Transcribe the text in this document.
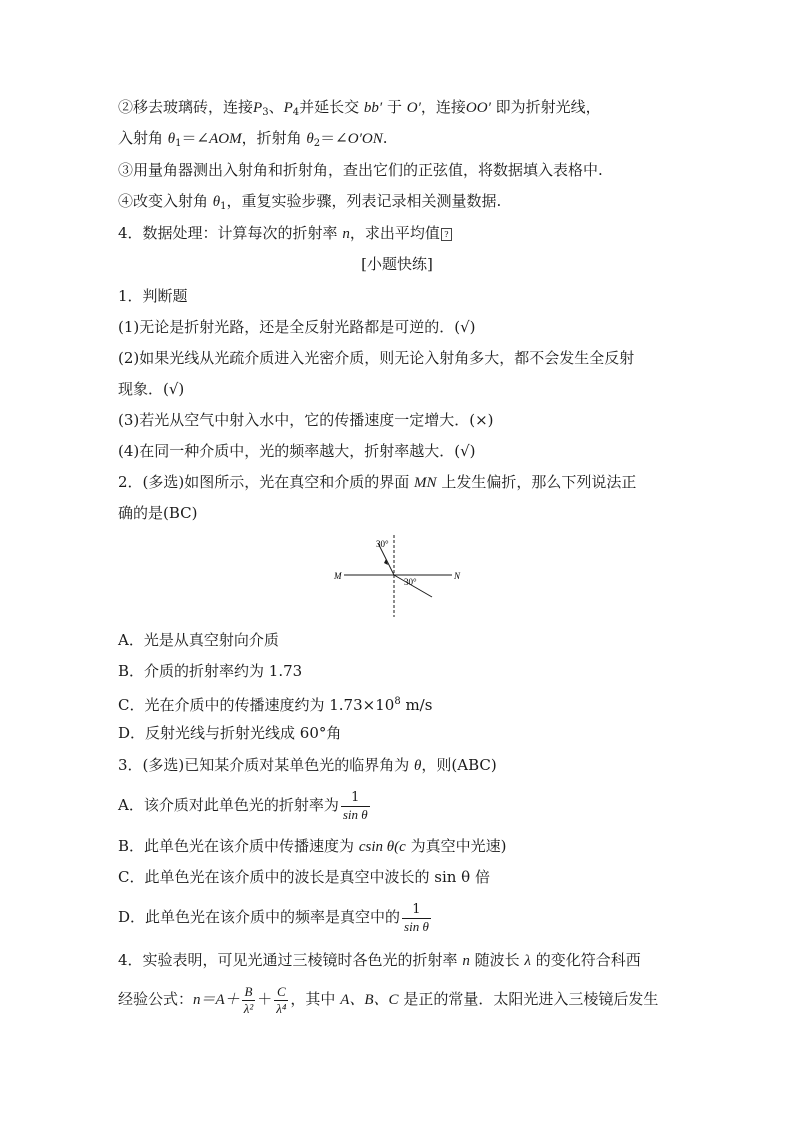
②移去玻璃砖，连接$P_3$、$P_4$并延长交 bb′ 于 O′，连接OO′ 即为折射光线，
入射角 $\theta_1=\angle AOM$，折射角 $\theta_2=\angle O'ON$.
③用量角器测出入射角和折射角，查出它们的正弦值，将数据填入表格中.
④改变入射角 $\theta_1$，重复实验步骤，列表记录相关测量数据.
4．数据处理：计算每次的折射率 n，求出平均值 ?
[小题快练]
1．判断题
(1)无论是折射光路，还是全反射光路都是可逆的．(√)
(2)如果光线从光疏介质进入光密介质，则无论入射角多大，都不会发生全反射
现象．(√)
(3)若光从空气中射入水中，它的传播速度一定增大．(×)
(4)在同一种介质中，光的频率越大，折射率越大．(√)
2．(多选)如图所示，光在真空和介质的界面 MN 上发生偏折，那么下列说法正
确的是(BC)
M	N
30°
30°
A．光是从真空射向介质
B．介质的折射率约为 1.73
C．光在介质中的传播速度约为 $1.73\times 10^8$ m/s
D．反射光线与折射光线成 60°角
3．(多选)已知某介质对某单色光的临界角为 θ，则(ABC)
A．该介质对此单色光的折射率为 $\frac{1}{\text{sin θ}}$
B．此单色光在该介质中传播速度为 csin θ(c 为真空中光速)
C．此单色光在该介质中的波长是真空中波长的 sin θ 倍
D．此单色光在该介质中的频率是真空中的 $\frac{1}{\text{sin θ}}$
4．实验表明，可见光通过三棱镜时各色光的折射率 n 随波长 λ 的变化符合科西
经验公式：$n=A+ \frac{B}{\text{λ²}} + \frac{C}{\text{λ⁴}}$ ，其中 A、B、C 是正的常量．太阳光进入三棱镜后发生
